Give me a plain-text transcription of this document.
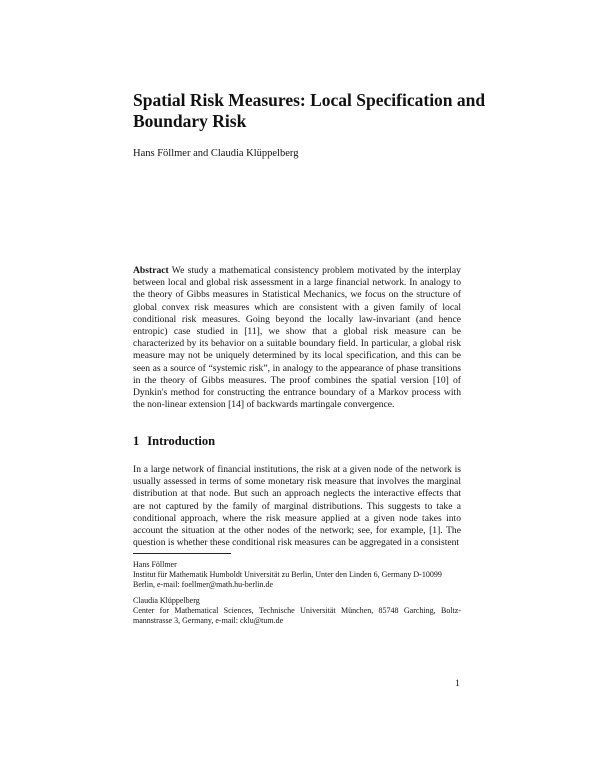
Spatial Risk Measures: Local Specification and Boundary Risk
Hans Föllmer and Claudia Klüppelberg

Abstract We study a mathematical consistency problem motivated by the interplay between local and global risk assessment in a large financial network. In analogy to the theory of Gibbs measures in Statistical Mechanics, we focus on the structure of global convex risk measures which are consistent with a given family of local conditional risk measures. Going beyond the locally law-invariant (and hence entropic) case studied in [11], we show that a global risk measure can be characterized by its behavior on a suitable boundary field. In particular, a global risk measure may not be uniquely determined by its local specification, and this can be seen as a source of “systemic risk”, in analogy to the appearance of phase transitions in the theory of Gibbs measures. The proof combines the spatial version [10] of Dynkin's method for constructing the entrance boundary of a Markov process with the non-linear extension [14] of backwards martingale convergence.

1 Introduction

In a large network of financial institutions, the risk at a given node of the network is usually assessed in terms of some monetary risk measure that involves the marginal distribution at that node. But such an approach neglects the interactive effects that are not captured by the family of marginal distributions. This suggests to take a conditional approach, where the risk measure applied at a given node takes into account the situation at the other nodes of the network; see, for example, [1]. The question is whether these conditional risk measures can be aggregated in a consistent

Hans Föllmer
Institut für Mathematik Humboldt Universität zu Berlin, Unter den Linden 6, Germany D-10099
Berlin, e-mail: foellmer@math.hu-berlin.de
Claudia Klüppelberg
Center for Mathematical Sciences, Technische Universität München, 85748 Garching, Boltz-
mannstrasse 3, Germany, e-mail: cklu@tum.de
1
